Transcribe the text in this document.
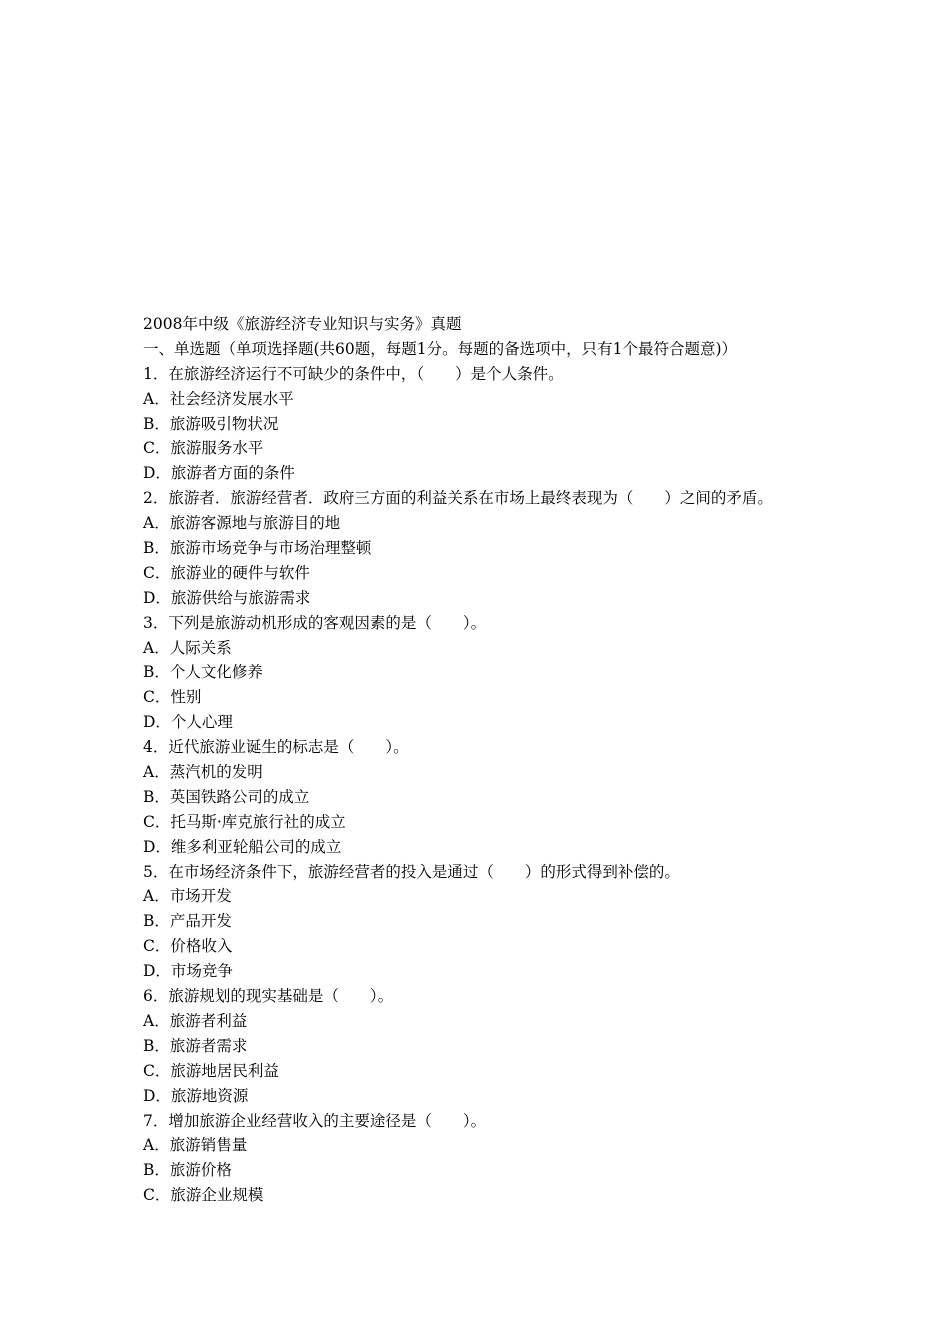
2008年中级《旅游经济专业知识与实务》真题
一、单选题（单项选择题(共60题，每题1分。每题的备选项中，只有1个最符合题意)）
1．在旅游经济运行不可缺少的条件中，（　　）是个人条件。
A．社会经济发展水平
B．旅游吸引物状况
C．旅游服务水平
D．旅游者方面的条件
2．旅游者．旅游经营者．政府三方面的利益关系在市场上最终表现为（　　）之间的矛盾。
A．旅游客源地与旅游目的地
B．旅游市场竞争与市场治理整顿
C．旅游业的硬件与软件
D．旅游供给与旅游需求
3．下列是旅游动机形成的客观因素的是（　　）。
A．人际关系
B．个人文化修养
C．性别
D．个人心理
4．近代旅游业诞生的标志是（　　）。
A．蒸汽机的发明
B．英国铁路公司的成立
C．托马斯·库克旅行社的成立
D．维多利亚轮船公司的成立
5．在市场经济条件下，旅游经营者的投入是通过（　　）的形式得到补偿的。
A．市场开发
B．产品开发
C．价格收入
D．市场竞争
6．旅游规划的现实基础是（　　）。
A．旅游者利益
B．旅游者需求
C．旅游地居民利益
D．旅游地资源
7．增加旅游企业经营收入的主要途径是（　　）。
A．旅游销售量
B．旅游价格
C．旅游企业规模
